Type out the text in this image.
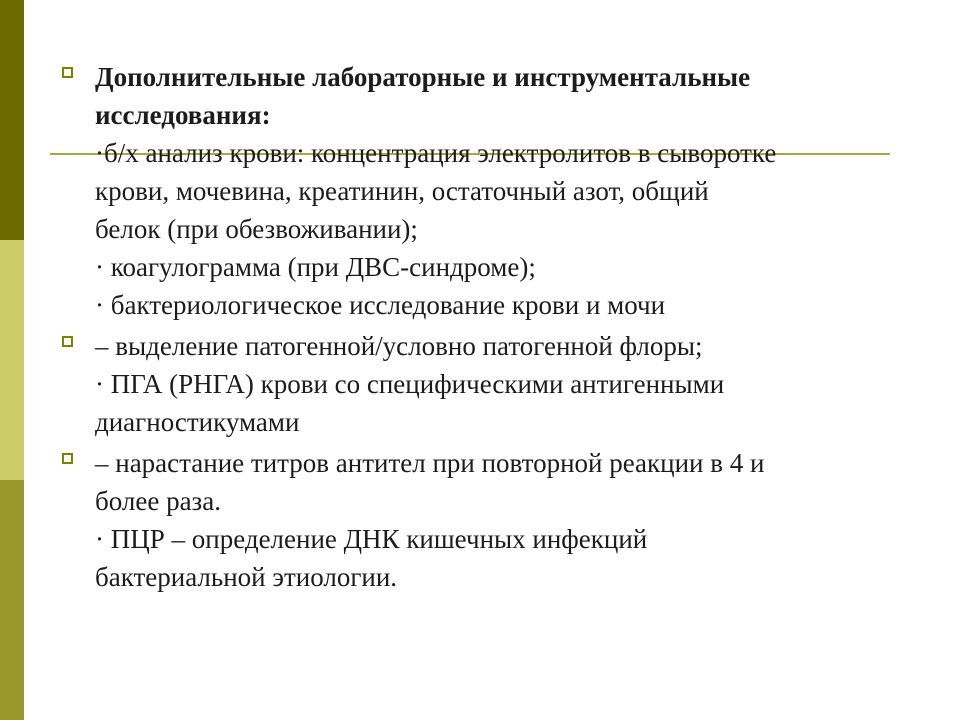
Дополнительные лабораторные и инструментальные
исследования:
·б/х анализ крови: концентрация электролитов в сыворотке
крови, мочевина, креатинин, остаточный азот, общий
белок (при обезвоживании);
· коагулограмма (при ДВС-синдроме);
· бактериологическое исследование крови и мочи
– выделение патогенной/условно патогенной флоры;
· ПГА (РНГА) крови со специфическими антигенными
диагностикумами
– нарастание титров антител при повторной реакции в 4 и
более раза.
· ПЦР – определение ДНК кишечных инфекций
бактериальной этиологии.
